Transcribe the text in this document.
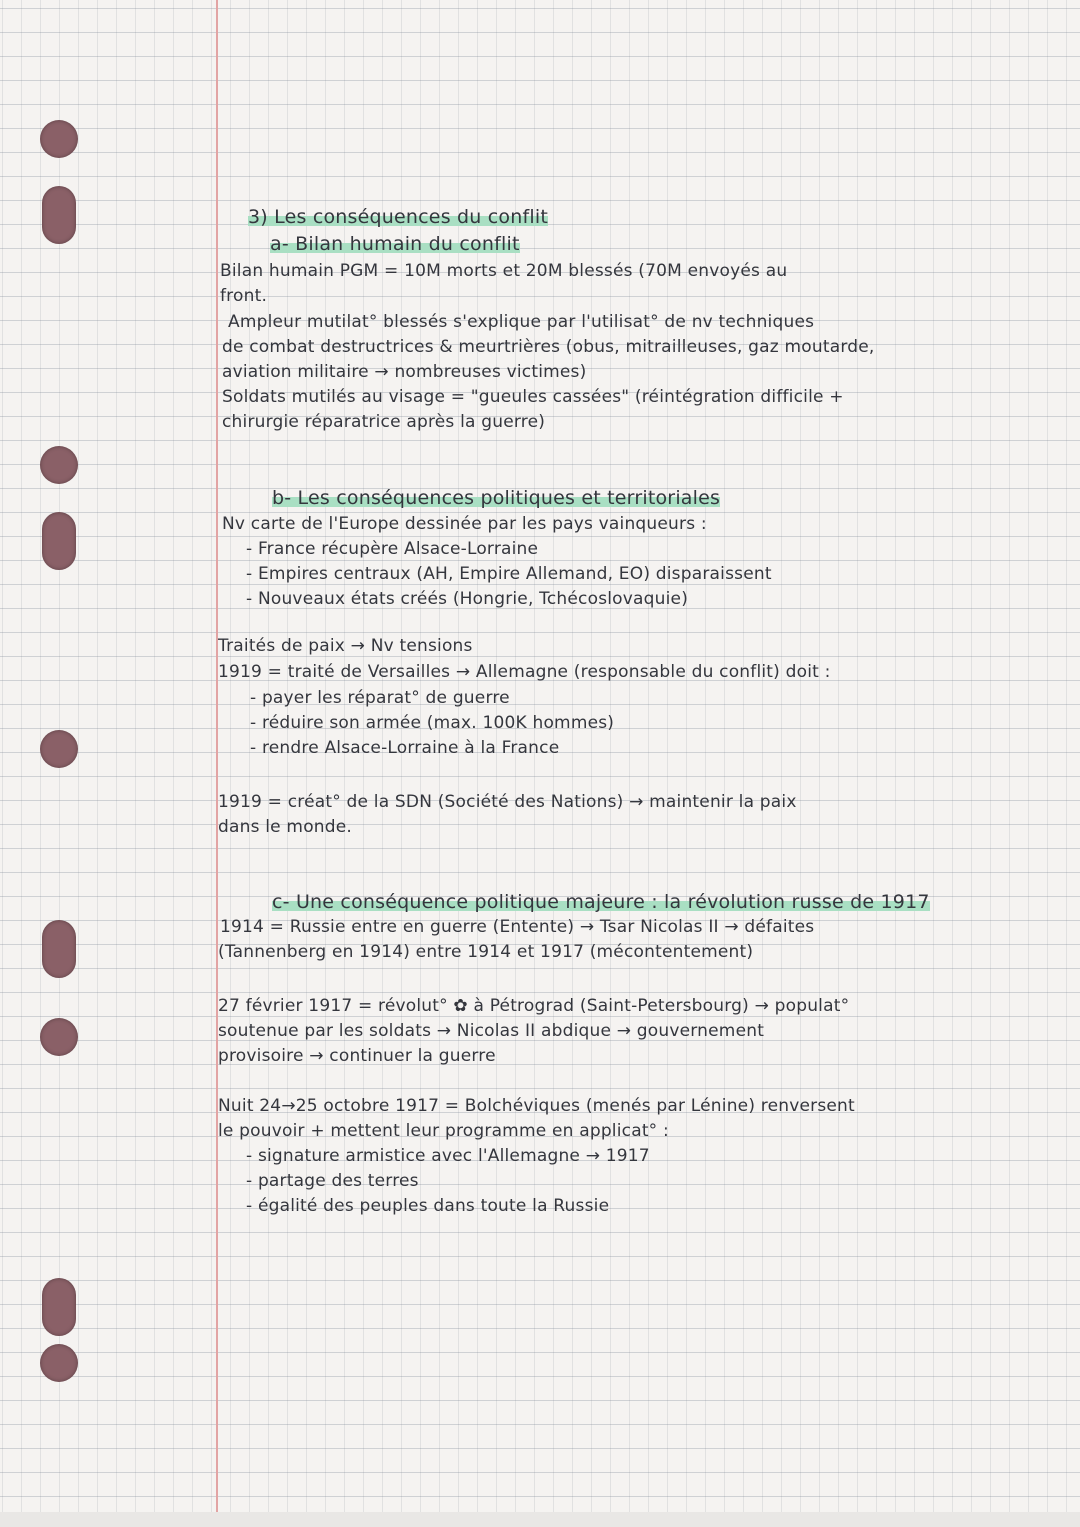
3) Les conséquences du conflit

a- Bilan humain du conflit

Bilan humain PGM = 10M morts et 20M blessés (70M envoyés au

front.

Ampleur mutilat° blessés s'explique par l'utilisat° de nv techniques

de combat destructrices & meurtrières (obus, mitrailleuses, gaz moutarde,

aviation militaire → nombreuses victimes)

Soldats mutilés au visage = "gueules cassées" (réintégration difficile +

chirurgie réparatrice après la guerre)

b- Les conséquences politiques et territoriales

Nv carte de l'Europe dessinée par les pays vainqueurs :

- France récupère Alsace-Lorraine

- Empires centraux (AH, Empire Allemand, EO) disparaissent

- Nouveaux états créés (Hongrie, Tchécoslovaquie)

Traités de paix → Nv tensions

1919 = traité de Versailles → Allemagne (responsable du conflit) doit :

- payer les réparat° de guerre

- réduire son armée (max. 100K hommes)

- rendre Alsace-Lorraine à la France

1919 = créat° de la SDN (Société des Nations) → maintenir la paix

dans le monde.

c- Une conséquence politique majeure : la révolution russe de 1917

1914 = Russie entre en guerre (Entente) → Tsar Nicolas II → défaites

(Tannenberg en 1914) entre 1914 et 1917 (mécontentement)

27 février 1917 = révolut° ✿ à Pétrograd (Saint-Petersbourg) → populat°

soutenue par les soldats → Nicolas II abdique → gouvernement

provisoire → continuer la guerre

Nuit 24→25 octobre 1917 = Bolchéviques (menés par Lénine) renversent

le pouvoir + mettent leur programme en applicat° :

- signature armistice avec l'Allemagne → 1917

- partage des terres

- égalité des peuples dans toute la Russie
